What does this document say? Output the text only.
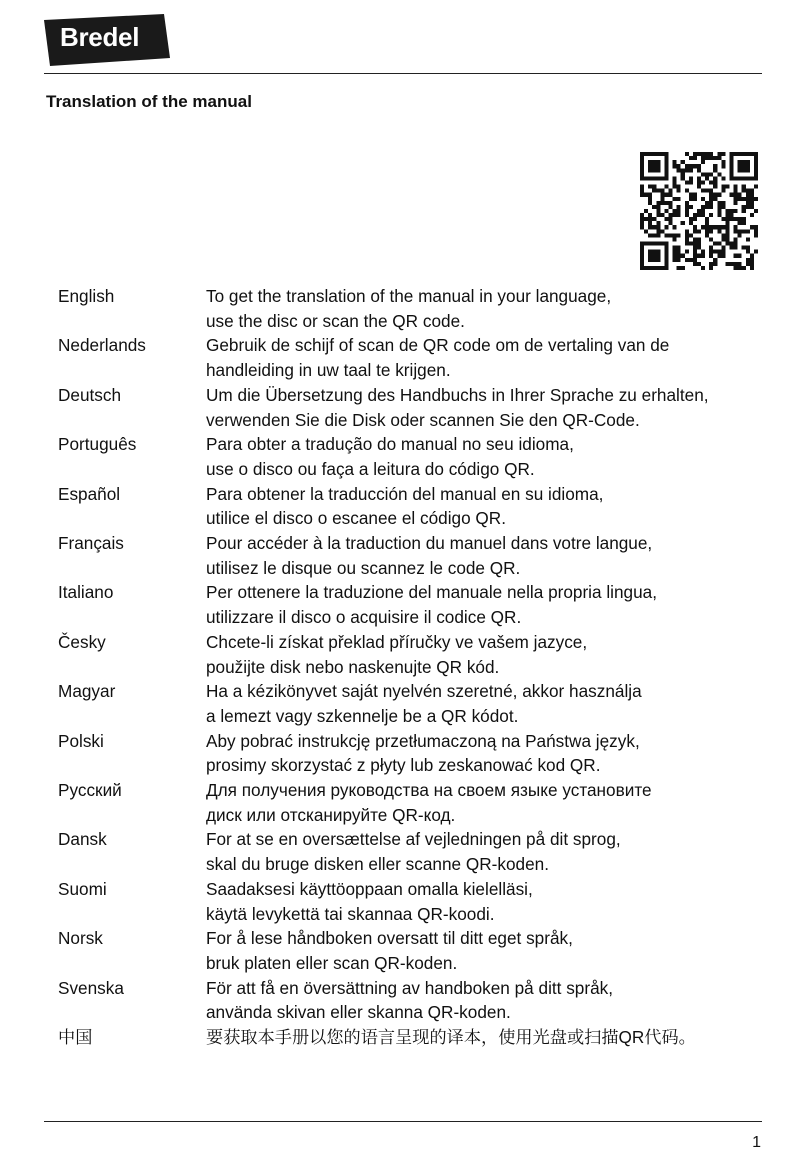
Bredel
Translation of the manual
English	To get the translation of the manual in your language,
use the disc or scan the QR code.
Nederlands	Gebruik de schijf of scan de QR code om de vertaling van de
handleiding in uw taal te krijgen.
Deutsch	Um die Übersetzung des Handbuchs in Ihrer Sprache zu erhalten,
verwenden Sie die Disk oder scannen Sie den QR-Code.
Português	Para obter a tradução do manual no seu idioma,
use o disco ou faça a leitura do código QR.
Español	Para obtener la traducción del manual en su idioma,
utilice el disco o escanee el código QR.
Français	Pour accéder à la traduction du manuel dans votre langue,
utilisez le disque ou scannez le code QR.
Italiano	Per ottenere la traduzione del manuale nella propria lingua,
utilizzare il disco o acquisire il codice QR.
Česky	Chcete-li získat překlad příručky ve vašem jazyce,
použijte disk nebo naskenujte QR kód.
Magyar	Ha a kézikönyvet saját nyelvén szeretné, akkor használja
a lemezt vagy szkennelje be a QR kódot.
Polski	Aby pobrać instrukcję przetłumaczoną na Państwa język,
prosimy skorzystać z płyty lub zeskanować kod QR.
Русский	Для получения руководства на своем языке установите
диск или отсканируйте QR-код.
Dansk	For at se en oversættelse af vejledningen på dit sprog,
skal du bruge disken eller scanne QR-koden.
Suomi	Saadaksesi käyttöoppaan omalla kielelläsi,
käytä levykettä tai skannaa QR-koodi.
Norsk	For å lese håndboken oversatt til ditt eget språk,
bruk platen eller scan QR-koden.
Svenska	För att få en översättning av handboken på ditt språk,
använda skivan eller skanna QR-koden.
中国	要获取本手册以您的语言呈现的译本，使用光盘或扫描QR代码。
1
